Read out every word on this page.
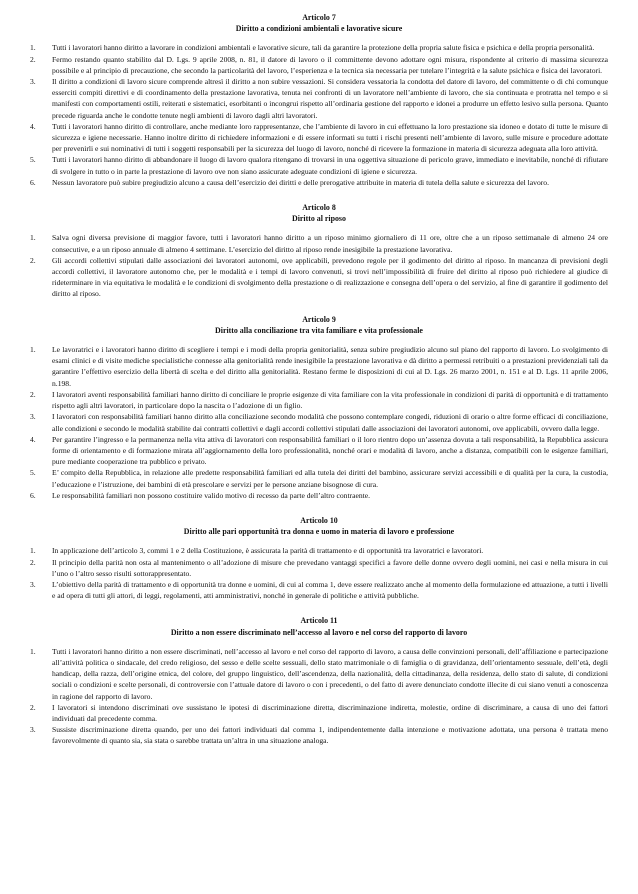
Articolo 7
Diritto a condizioni ambientali e lavorative sicure
1.	Tutti i lavoratori hanno diritto a lavorare in condizioni ambientali e lavorative sicure, tali da garantire la protezione della propria salute fisica e psichica e della propria personalità.
2.	Fermo restando quanto stabilito dal D. Lgs. 9 aprile 2008, n. 81, il datore di lavoro o il committente devono adottare ogni misura, rispondente al criterio di massima sicurezza possibile e al principio di precauzione, che secondo la particolarità del lavoro, l’esperienza e la tecnica sia necessaria per tutelare l’integrità e la salute psichica e fisica dei lavoratori.
3.	Il diritto a condizioni di lavoro sicure comprende altresì il diritto a non subire vessazioni. Si considera vessatoria la condotta del datore di lavoro, del committente o di chi comunque esserciti compiti direttivi e di coordinamento della prestazione lavorativa, tenuta nei confronti di un lavoratore nell’ambiente di lavoro, che sia continuata e protratta nel tempo e si manifesti con comportamenti ostili, reiterati e sistematici, esorbitanti o incongrui rispetto all’ordinaria gestione del rapporto e idonei a produrre un effetto lesivo sulla persona. Quanto precede riguarda anche le condotte tenute negli ambienti di lavoro dagli altri lavoratori.
4.	Tutti i lavoratori hanno diritto di controllare, anche mediante loro rappresentanze, che l’ambiente di lavoro in cui effettuano la loro prestazione sia idoneo e dotato di tutte le misure di sicurezza e igiene necessarie. Hanno inoltre diritto di richiedere informazioni e di essere informati su tutti i rischi presenti nell’ambiente di lavoro, sulle misure e procedure adottate per prevenirli e sui nominativi di tutti i soggetti responsabili per la sicurezza del luogo di lavoro, nonché di ricevere la formazione in materia di sicurezza adeguata alla loro attività.
5.	Tutti i lavoratori hanno diritto di abbandonare il luogo di lavoro qualora ritengano di trovarsi in una oggettiva situazione di pericolo grave, immediato e inevitabile, nonché di rifiutare di svolgere in tutto o in parte la prestazione di lavoro ove non siano assicurate adeguate condizioni di igiene e sicurezza.
6.	Nessun lavoratore può subire pregiudizio alcuno a causa dell’esercizio dei diritti e delle prerogative attribuite in materia di tutela della salute e sicurezza del lavoro.
Articolo 8
Diritto al riposo
1.	Salva ogni diversa previsione di maggior favore, tutti i lavoratori hanno diritto a un riposo minimo giornaliero di 11 ore, oltre che a un riposo settimanale di almeno 24 ore consecutive, e a un riposo annuale di almeno 4 settimane. L’esercizio del diritto al riposo rende inesigibile la prestazione lavorativa.
2.	Gli accordi collettivi stipulati dalle associazioni dei lavoratori autonomi, ove applicabili, prevedono regole per il godimento del diritto al riposo. In mancanza di previsioni degli accordi collettivi, il lavoratore autonomo che, per le modalità e i tempi di lavoro convenuti, si trovi nell’impossibilità di fruire del diritto al riposo può richiedere al giudice di rideterminare in via equitativa le modalità e le condizioni di svolgimento della prestazione o di realizzazione e consegna dell’opera o del servizio, al fine di garantire il godimento del diritto al riposo.
Articolo 9
Diritto alla conciliazione tra vita familiare e vita professionale
1.	Le lavoratrici e i lavoratori hanno diritto di scegliere i tempi e i modi della propria genitorialità, senza subire pregiudizio alcuno sul piano del rapporto di lavoro. Lo svolgimento di esami clinici e di visite mediche specialistiche connesse alla genitorialità rende inesigibile la prestazione lavorativa e dà diritto a permessi retribuiti o a prestazioni previdenziali tali da garantire l’effettivo esercizio della libertà di scelta e del diritto alla genitorialità. Restano ferme le disposizioni di cui al D. Lgs. 26 marzo 2001, n. 151 e al D. Lgs. 11 aprile 2006, n.198.
2.	I lavoratori aventi responsabilità familiari hanno diritto di conciliare le proprie esigenze di vita familiare con la vita professionale in condizioni di parità di opportunità e di trattamento rispetto agli altri lavoratori, in particolare dopo la nascita o l’adozione di un figlio.
3.	I lavoratori con responsabilità familiari hanno diritto alla conciliazione secondo modalità che possono contemplare congedi, riduzioni di orario o altre forme efficaci di conciliazione, alle condizioni e secondo le modalità stabilite dai contratti collettivi e dagli accordi collettivi stipulati dalle associazioni dei lavoratori autonomi, ove applicabili, ovvero dalla legge.
4.	Per garantire l’ingresso e la permanenza nella vita attiva di lavoratori con responsabilità familiari o il loro rientro dopo un’assenza dovuta a tali responsabilità, la Repubblica assicura forme di orientamento e di formazione mirata all’aggiornamento della loro professionalità, nonché orari e modalità di lavoro, anche a distanza, compatibili con le esigenze familiari, pure mediante cooperazione tra pubblico e privato.
5.	E’ compito della Repubblica, in relazione alle predette responsabilità familiari ed alla tutela dei diritti del bambino, assicurare servizi accessibili e di qualità per la cura, la custodia, l’educazione e l’istruzione, dei bambini di età prescolare e servizi per le persone anziane bisognose di cura.
6.	Le responsabilità familiari non possono costituire valido motivo di recesso da parte dell’altro contraente.
Articolo 10
Diritto alle pari opportunità tra donna e uomo in materia di lavoro e professione
1.	In applicazione dell’articolo 3, commi 1 e 2 della Costituzione, è assicurata la parità di trattamento e di opportunità tra lavoratrici e lavoratori.
2.	Il principio della parità non osta al mantenimento o all’adozione di misure che prevedano vantaggi specifici a favore delle donne ovvero degli uomini, nei casi e nella misura in cui l’uno o l’altro sesso risulti sottorappresentato.
3.	L’obiettivo della parità di trattamento e di opportunità tra donne e uomini, di cui al comma 1, deve essere realizzato anche al momento della formulazione ed attuazione, a tutti i livelli e ad opera di tutti gli attori, di leggi, regolamenti, atti amministrativi, nonché in generale di politiche e attività pubbliche.
Articolo 11
Diritto a non essere discriminato nell’accesso al lavoro e nel corso del rapporto di lavoro
1.	Tutti i lavoratori hanno diritto a non essere discriminati, nell’accesso al lavoro e nel corso del rapporto di lavoro, a causa delle convinzioni personali, dell’affiliazione e partecipazione all’attività politica o sindacale, del credo religioso, del sesso e delle scelte sessuali, dello stato matrimoniale o di famiglia o di gravidanza, dell’orientamento sessuale, dell’età, degli handicap, della razza, dell’origine etnica, del colore, del gruppo linguistico, dell’ascendenza, della nazionalità, della cittadinanza, della residenza, dello stato di salute, di condizioni sociali o condizioni e scelte personali, di controversie con l’attuale datore di lavoro o con i precedenti, o del fatto di avere denunciato condotte illecite di cui siano venuti a conoscenza in ragione del rapporto di lavoro.
2.	I lavoratori si intendono discriminati ove sussistano le ipotesi di discriminazione diretta, discriminazione indiretta, molestie, ordine di discriminare, a causa di uno dei fattori individuati dal precedente comma.
3.	Sussiste discriminazione diretta quando, per uno dei fattori individuati dal comma 1, indipendentemente dalla intenzione e motivazione adottata, una persona è trattata meno favorevolmente di quanto sia, sia stata o sarebbe trattata un’altra in una situazione analoga.
